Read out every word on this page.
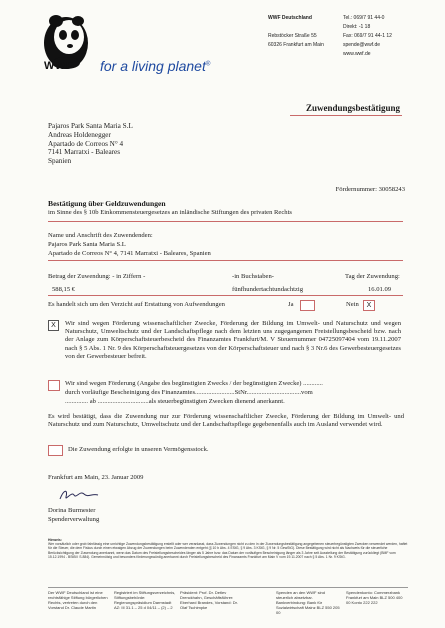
WWF for a living planet®
WWF Deutschland
Rebstöcker Straße 55
60326 Frankfurt am Main
Tel.: 069/7 91 44-0
Direkt: -1 18
Fax: 069/7 91 44-1 12
spende@wwf.de
www.wwf.de
Zuwendungsbestätigung
Pajaros Park Santa Maria S.L
Andreas Holdenegger
Apartado de Correos N° 4
7141 Marratxi - Baleares
Spanien
Fördernummer: 30058243
Bestätigung über Geldzuwendungen
im Sinne des § 10b Einkommensteuergesetzes an inländische Stiftungen des privaten Rechts
Name und Anschrift des Zuwendenden:
Pajaros Park Santa Maria S.L
Apartado de Correos N° 4, 7141 Marratxi - Baleares, Spanien
Betrag der Zuwendung: - in Ziffern -	-in Buchstaben-	Tag der Zuwendung:
588,15 €	fünfhundertachtundachtzig	16.01.09
Es handelt sich um den Verzicht auf Erstattung von Aufwendungen	Ja	Nein	X
X	Wir sind wegen Förderung wissenschaftlicher Zwecke, Förderung der Bildung im Umwelt- und Naturschutz und wegen Naturschutz, Umweltschutz und der Landschaftspflege nach dem letzten uns zugegangenen Freistellungsbescheid bzw. nach der Anlage zum Körperschaftsteuerbescheid des Finanzamtes Frankfurt/M. V Steuernummer 04725097404 vom 19.11.2007 nach § 5 Abs. 1 Nr. 9 des Körperschaftsteuergesetzes von der Körperschaftsteuer und nach § 3 Nr.6 des Gewerbesteuergesetzes von der Gewerbesteuer befreit.
Wir sind wegen Förderung (Angabe des begünstigten Zwecks / der begünstigten Zwecke) ............
durch vorläufige Bescheinigung des Finanzamtes........................StNr.................................vom
.............. ab ...............................als steuerbegünstigten Zwecken dienend anerkannt.
Es wird bestätigt, dass die Zuwendung nur zur Förderung wissenschaftlicher Zwecke, Förderung der Bildung im Umwelt- und Naturschutz und zum Naturschutz, Umweltschutz und der Landschaftspflege gegebenenfalls auch im Ausland verwendet wird.
Die Zuwendung erfolgte in unseren Vermögensstock.
Frankfurt am Main, 23. Januar 2009
Dorina Burmester
Spenderverwaltung
Hinweis:
Wer vorsätzlich oder grob fahrlässig eine unrichtige Zuwendungsbestätigung erstellt oder wer veranlasst, dass Zuwendungen nicht zu den in der Zuwendungsbestätigung angegebenen steuerbegünstigten Zwecken verwendet werden, haftet für die Steuer, die dem Fiskus durch einen etwaigen Abzug der Zuwendungen beim Zuwendenden entgeht (§ 10 b Abs. 4 EStG, § 9 Abs. 3 KStG, § 9 Nr. 5 GewStG). Diese Bestätigung wird nicht als Nachweis für die steuerliche Berücksichtigung der Zuwendung anerkannt, wenn das Datum des Freistellungsbescheides länger als 5 Jahre bzw. das Datum der vorläufigen Bescheinigung länger als 3 Jahre seit Ausstellung der Bestätigung zurückliegt (BMF vom 15.12.1994 - BStBl I S.884). Gemeinnützig und besonders förderungswürdig anerkannt durch Freistellungsbescheid des Finanzamts Frankfurt am Main V vom 19.11.2007 nach § 5 Abs. 1 Nr. 9 KStG.
Der WWF Deutschland ist eine rechtsfähige Stiftung bürgerlichen Rechts, vertreten durch den Vorstand Dr. Claude Martin
Registriert im Stiftungsverzeichnis, Stiftungsbehörde: Regierungspräsidium Darmstadt AZ: III 31.1 – 25 d 04/11 – (2) – 2
Präsident: Prof. Dr. Detlev Drenckhahn, Geschäftsführer: Eberhard Brandes, Vorstand: Dr. Olaf Tschimpke
Spenden an den WWF sind steuerlich absetzbar. Bankverbindung: Bank für Sozialwirtschaft Mainz BLZ 550 205 00
Spendenkonto: Commerzbank Frankfurt am Main BLZ 500 400 00 Konto 222 222
